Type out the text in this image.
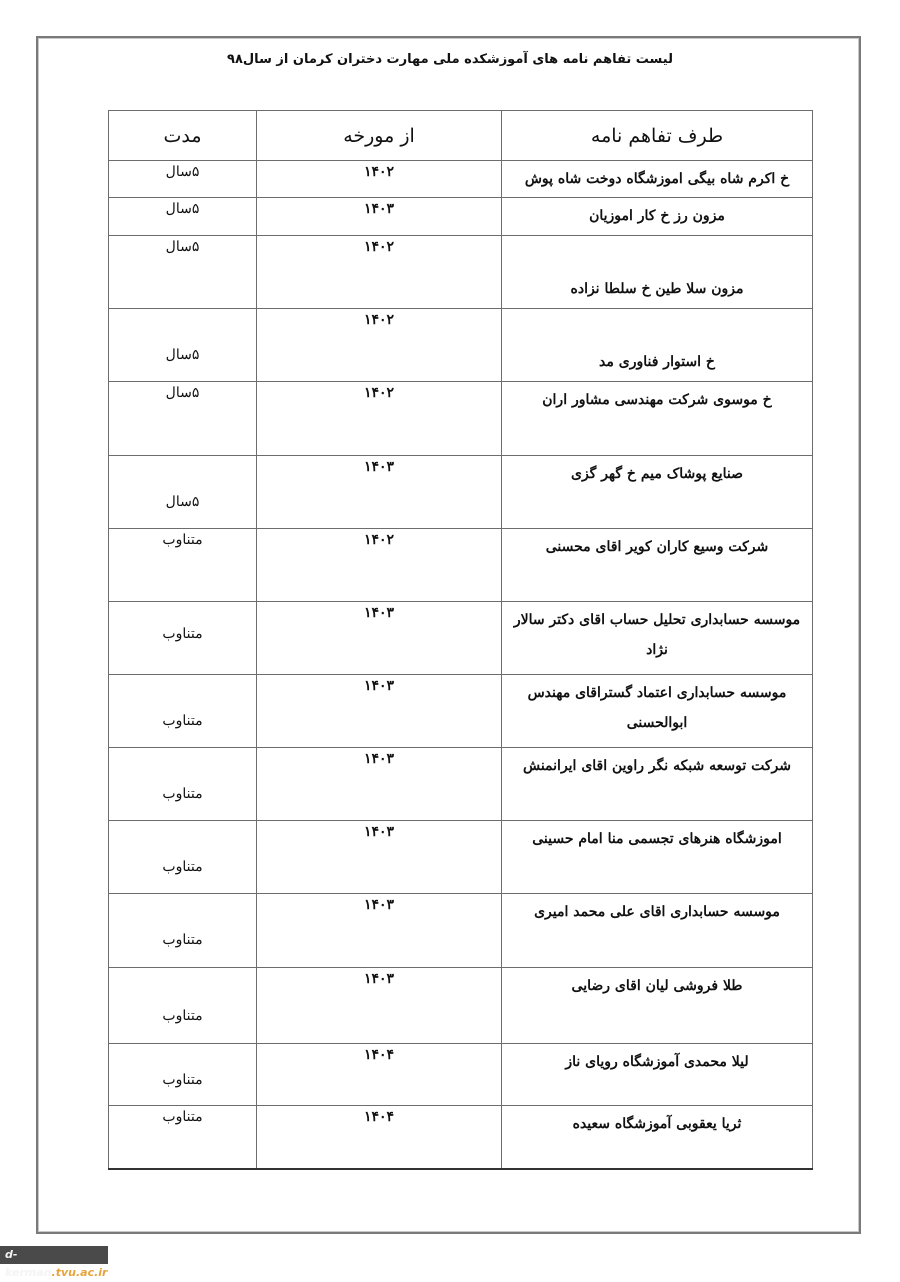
لیست تفاهم نامه های آموزشکده ملی مهارت دختران کرمان از سال۹۸
طرف تفاهم نامه	از مورخه	مدت

خ اکرم شاه بیگی اموزشگاه دوخت شاه پوش	۱۴۰۲	۵سال

مزون رز خ کار اموزیان	۱۴۰۳	۵سال

مزون سلا طین خ سلطا نزاده	۱۴۰۲	۵سال

خ استوار فناوری مد	۱۴۰۲	۵سال

خ موسوی شرکت مهندسی مشاور اران	۱۴۰۲	۵سال

صنایع پوشاک میم خ گهر گزی	۱۴۰۳	۵سال

شرکت وسیع کاران کویر اقای محسنی	۱۴۰۲	متناوب

موسسه حسابداری تحلیل حساب اقای دکتر سالار نژاد	۱۴۰۳	متناوب

موسسه حسابداری اعتماد گستراقای مهندس ابوالحسنی	۱۴۰۳	متناوب

شرکت توسعه شبکه نگر راوین اقای ایرانمنش	۱۴۰۳	متناوب

اموزشگاه هنرهای تجسمی منا امام حسینی	۱۴۰۳	متناوب

موسسه حسابداری اقای علی محمد امیری	۱۴۰۳	متناوب

طلا فروشی لیان اقای رضایی	۱۴۰۳	متناوب

لیلا محمدی آموزشگاه رویای ناز	۱۴۰۴	متناوب

ثریا یعقوبی آموزشگاه سعیده	۱۴۰۴	متناوب
d-kerman.tvu.ac.ir
